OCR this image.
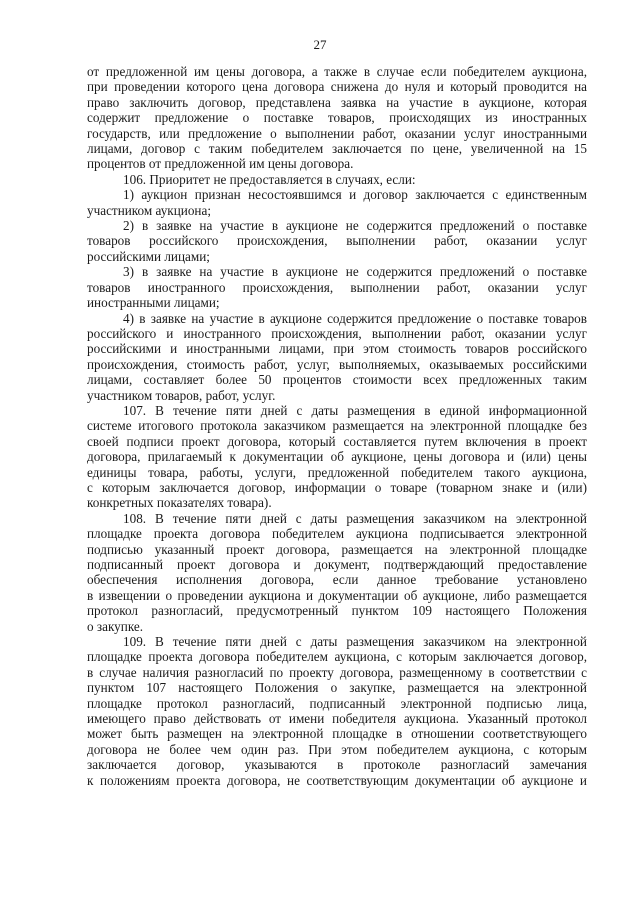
27
от предложенной им цены договора, а также в случае если победителем аукциона,
при проведении которого цена договора снижена до нуля и который проводится на
право заключить договор, представлена заявка на участие в аукционе, которая
содержит предложение о поставке товаров, происходящих из иностранных
государств, или предложение о выполнении работ, оказании услуг иностранными
лицами, договор с таким победителем заключается по цене, увеличенной на 15
процентов от предложенной им цены договора.
106. Приоритет не предоставляется в случаях, если:
1) аукцион признан несостоявшимся и договор заключается с единственным
участником аукциона;
2) в заявке на участие в аукционе не содержится предложений о поставке
товаров российского происхождения, выполнении работ, оказании услуг
российскими лицами;
3) в заявке на участие в аукционе не содержится предложений о поставке
товаров иностранного происхождения, выполнении работ, оказании услуг
иностранными лицами;
4) в заявке на участие в аукционе содержится предложение о поставке товаров
российского и иностранного происхождения, выполнении работ, оказании услуг
российскими и иностранными лицами, при этом стоимость товаров российского
происхождения, стоимость работ, услуг, выполняемых, оказываемых российскими
лицами, составляет более 50 процентов стоимости всех предложенных таким
участником товаров, работ, услуг.
107. В течение пяти дней с даты размещения в единой информационной
системе итогового протокола заказчиком размещается на электронной площадке без
своей подписи проект договора, который составляется путем включения в проект
договора, прилагаемый к документации об аукционе, цены договора и (или) цены
единицы товара, работы, услуги, предложенной победителем такого аукциона,
с которым заключается договор, информации о товаре (товарном знаке и (или)
конкретных показателях товара).
108. В течение пяти дней с даты размещения заказчиком на электронной
площадке проекта договора победителем аукциона подписывается электронной
подписью указанный проект договора, размещается на электронной площадке
подписанный проект договора и документ, подтверждающий предоставление
обеспечения исполнения договора, если данное требование установлено
в извещении о проведении аукциона и документации об аукционе, либо размещается
протокол разногласий, предусмотренный пунктом 109 настоящего Положения
о закупке.
109. В течение пяти дней с даты размещения заказчиком на электронной
площадке проекта договора победителем аукциона, с которым заключается договор,
в случае наличия разногласий по проекту договора, размещенному в соответствии с
пунктом 107 настоящего Положения о закупке, размещается на электронной
площадке протокол разногласий, подписанный электронной подписью лица,
имеющего право действовать от имени победителя аукциона. Указанный протокол
может быть размещен на электронной площадке в отношении соответствующего
договора не более чем один раз. При этом победителем аукциона, с которым
заключается договор, указываются в протоколе разногласий замечания
к положениям проекта договора, не соответствующим документации об аукционе и
